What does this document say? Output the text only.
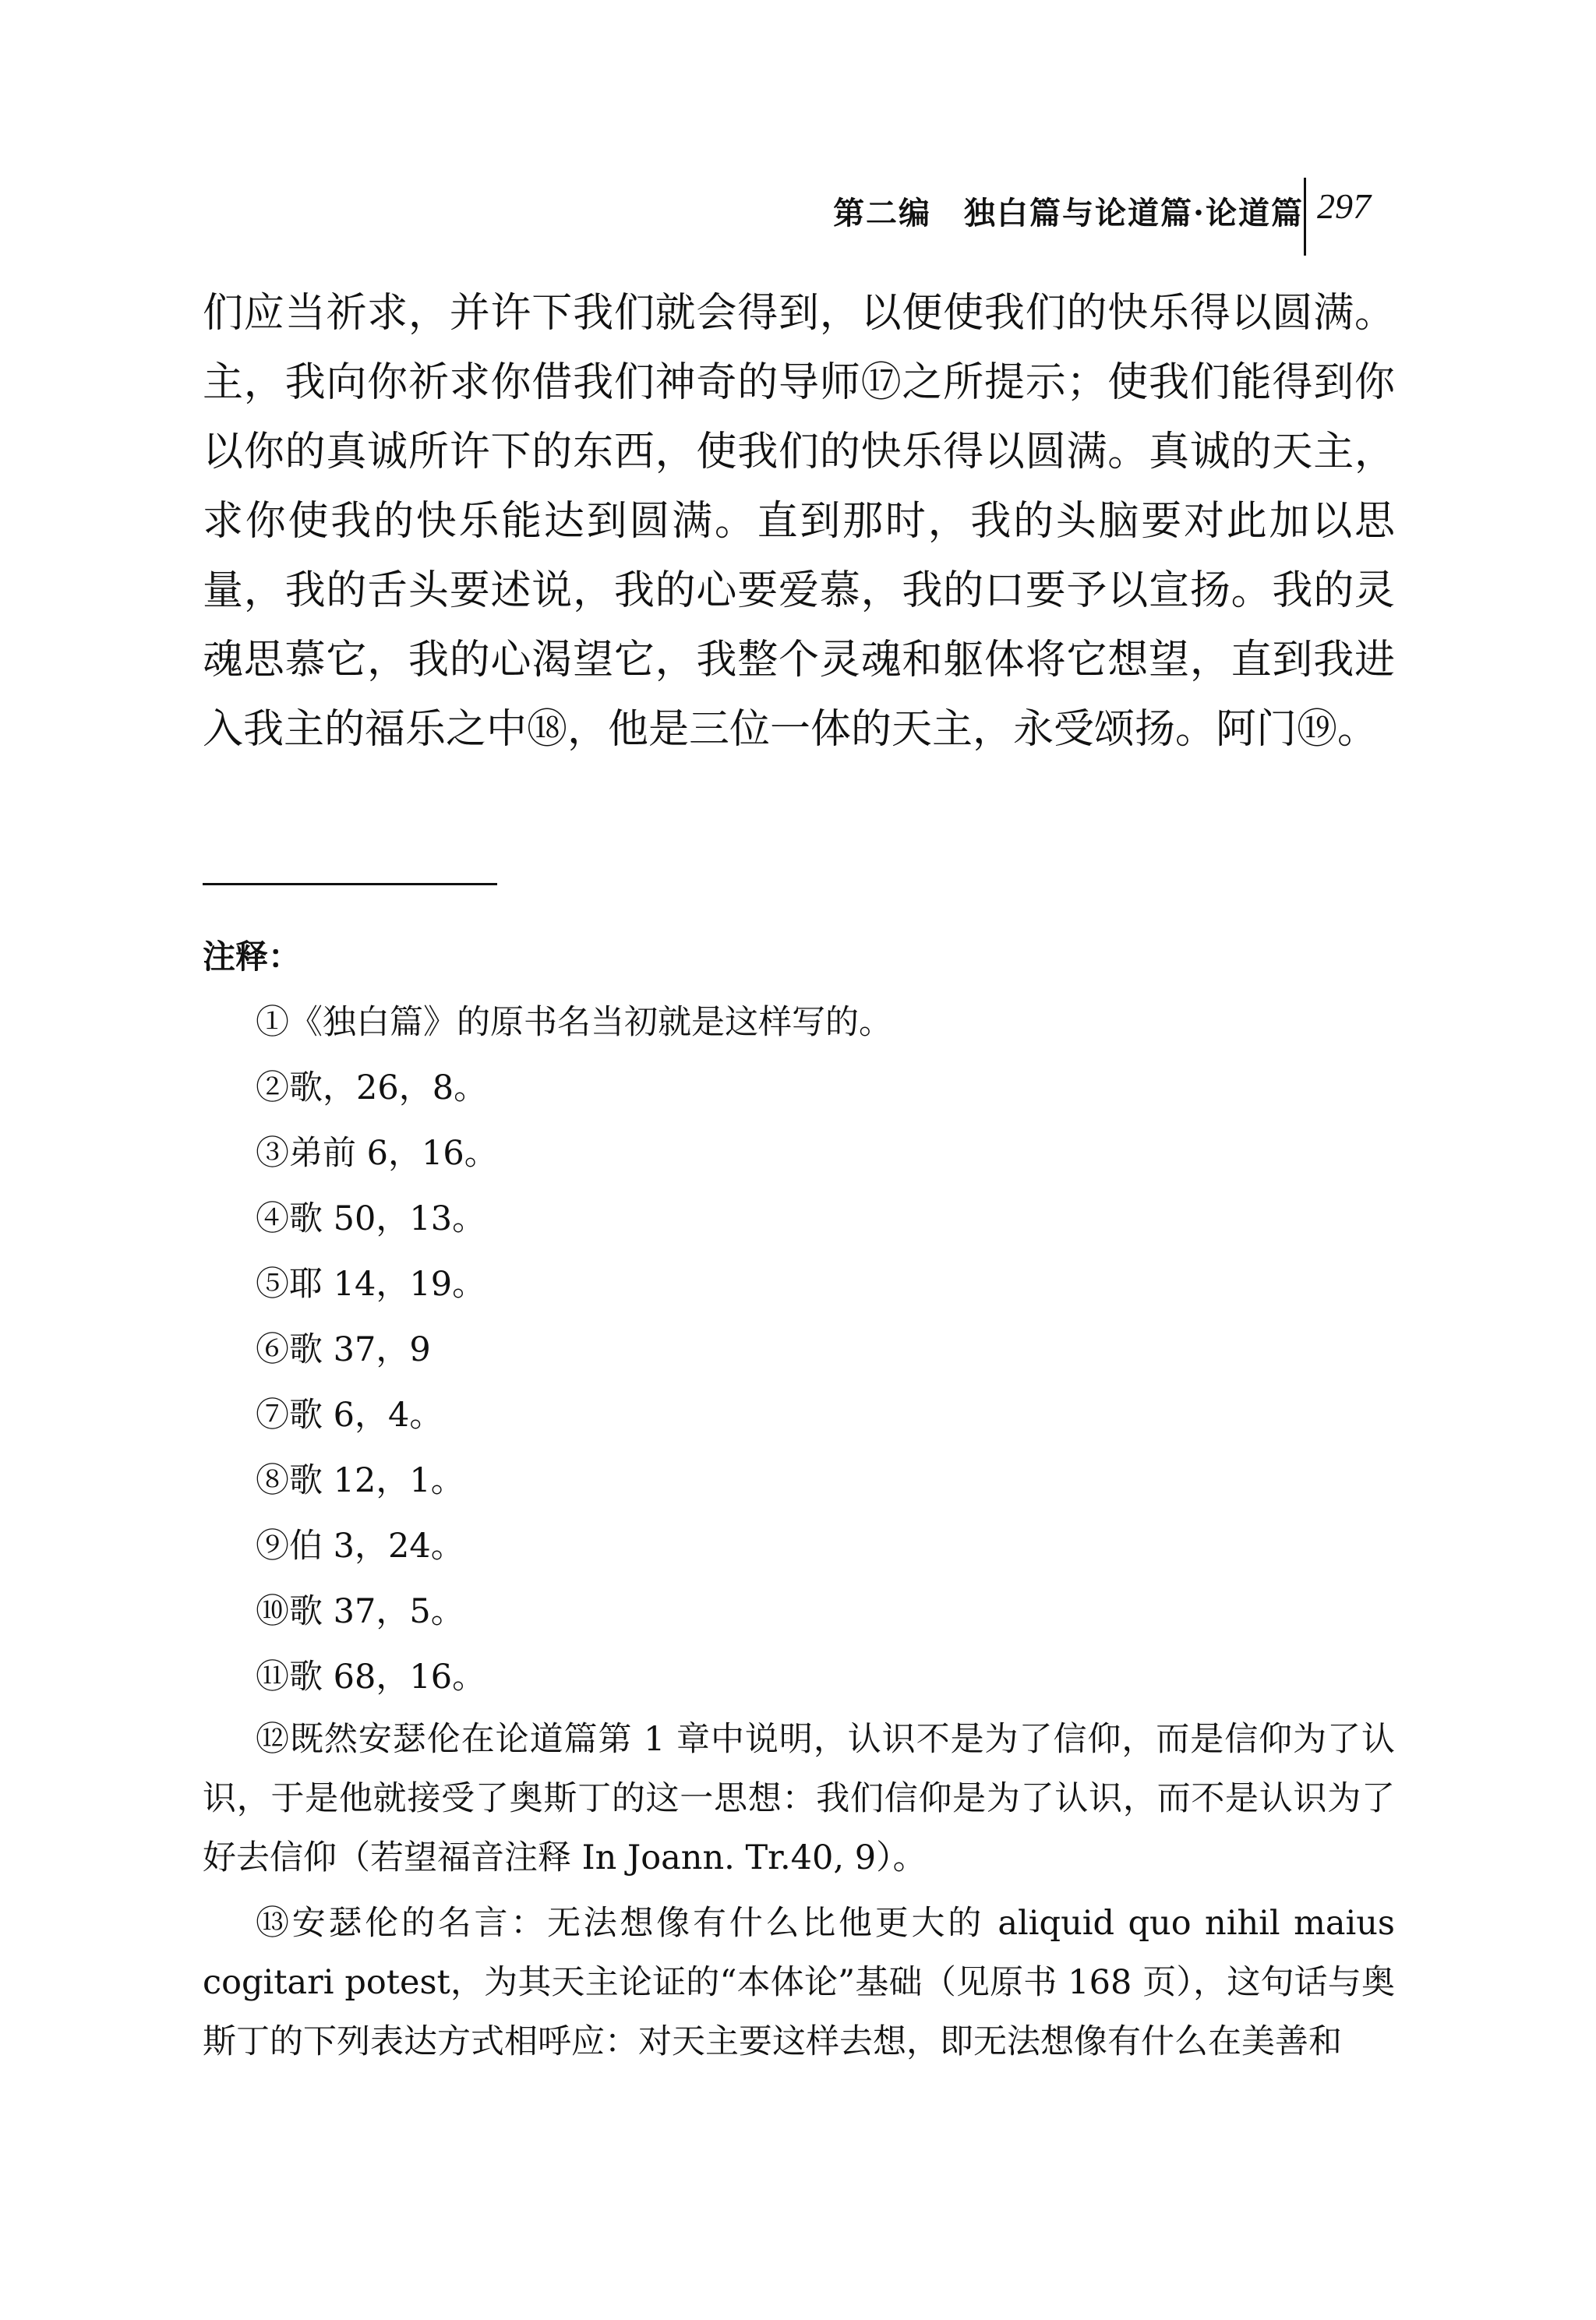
第二编　独白篇与论道篇·论道篇 297
们应当祈求，并许下我们就会得到，以便使我们的快乐得以圆满。主，我向你祈求你借我们神奇的导师⑰之所提示；使我们能得到你以你的真诚所许下的东西，使我们的快乐得以圆满。真诚的天主，求你使我的快乐能达到圆满。直到那时，我的头脑要对此加以思量，我的舌头要述说，我的心要爱慕，我的口要予以宣扬。我的灵魂思慕它，我的心渴望它，我整个灵魂和躯体将它想望，直到我进入我主的福乐之中⑱，他是三位一体的天主，永受颂扬。阿门⑲。
注释：

①《独白篇》的原书名当初就是这样写的。

②歌，26，8。

③弟前 6，16。

④歌 50，13。

⑤耶 14，19。

⑥歌 37，9

⑦歌 6，4。

⑧歌 12，1。

⑨伯 3，24。

⑩歌 37，5。

⑪歌 68，16。

⑫既然安瑟伦在论道篇第 1 章中说明，认识不是为了信仰，而是信仰为了认识，于是他就接受了奥斯丁的这一思想：我们信仰是为了认识，而不是认识为了好去信仰（若望福音注释 In Joann. Tr.40, 9）。

⑬安瑟伦的名言：无法想像有什么比他更大的 aliquid quo nihil maius cogitari potest，为其天主论证的“本体论”基础（见原书 168 页），这句话与奥斯丁的下列表达方式相呼应：对天主要这样去想，即无法想像有什么在美善和
